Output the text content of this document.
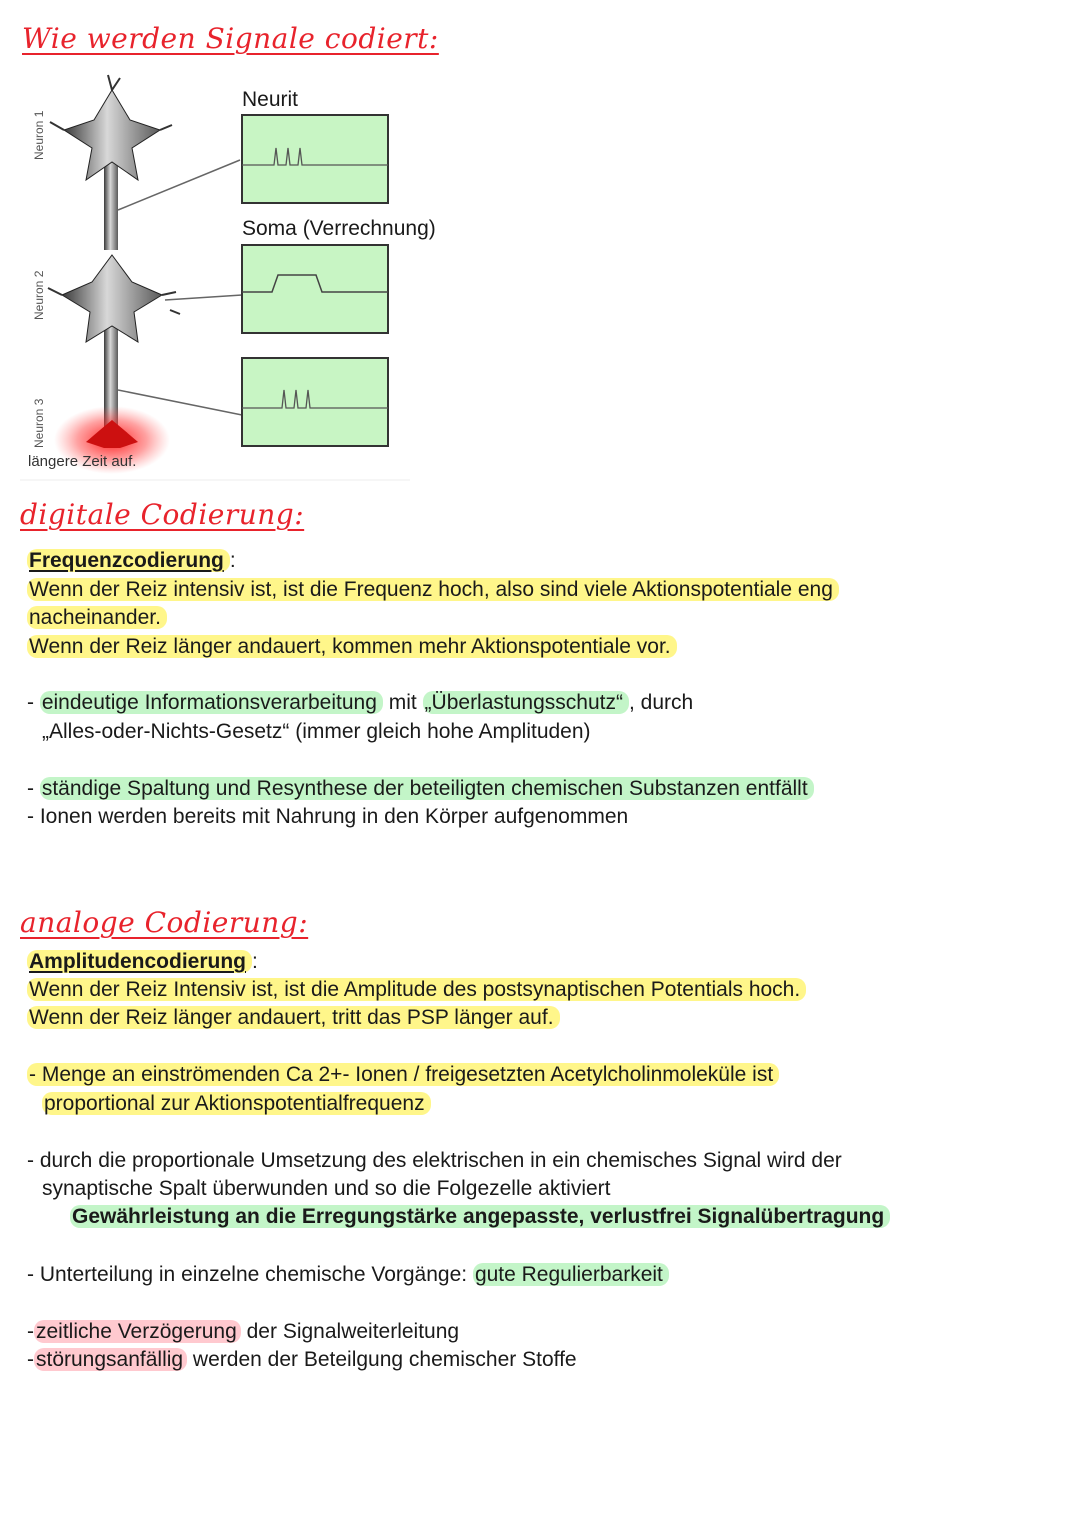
Wie werden Signale codiert:
Neuron 1
Neuron 2
Neuron 3
Neurit
Soma (Verrechnung)
längere Zeit auf.
digitale Codierung:
Frequenzcodierung :
Wenn der Reiz intensiv ist, ist die Frequenz hoch, also sind viele Aktionspotentiale eng
nacheinander.
Wenn der Reiz länger andauert, kommen mehr Aktionspotentiale vor.
- eindeutige Informationsverarbeitung mit „Überlastungsschutz“ , durch
„Alles-oder-Nichts-Gesetz“ (immer gleich hohe Amplituden)
- ständige Spaltung und Resynthese der beteiligten chemischen Substanzen entfällt
- Ionen werden bereits mit Nahrung in den Körper aufgenommen
analoge Codierung:
Amplitudencodierung :
Wenn der Reiz Intensiv ist, ist die Amplitude des postsynaptischen Potentials hoch.
Wenn der Reiz länger andauert, tritt das PSP länger auf.
- Menge an einströmenden Ca 2+- Ionen / freigesetzten Acetylcholinmoleküle ist
proportional zur Aktionspotentialfrequenz
- durch die proportionale Umsetzung des elektrischen in ein chemisches Signal wird der
synaptische Spalt überwunden und so die Folgezelle aktiviert
Gewährleistung an die Erregungstärke angepasste, verlustfrei Signalübertragung
- Unterteilung in einzelne chemische Vorgänge: gute Regulierbarkeit
-zeitliche Verzögerung der Signalweiterleitung
-störungsanfällig werden der Beteilgung chemischer Stoffe
